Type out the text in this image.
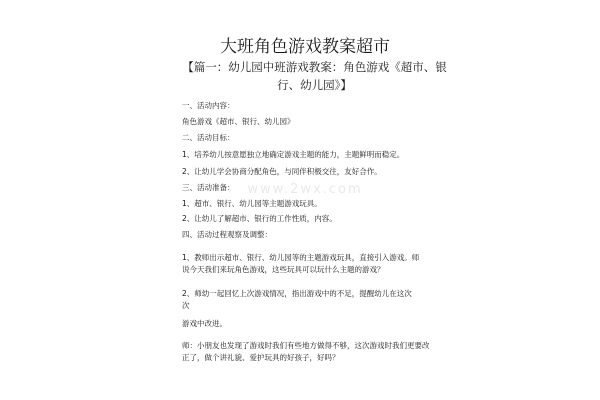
大班角色游戏教案超市
【篇一：幼儿园中班游戏教案：角色游戏《超市、银行、幼儿园》】
www.2wx.com
一、活动内容：
角色游戏《超市、银行、幼儿园》
二、活动目标：
1、培养幼儿按意愿独立地确定游戏主题的能力，主题鲜明而稳定。
2、让幼儿学会协商分配角色，与同伴积极交往，友好合作。
三、活动准备：
1、超市、银行、幼儿园等主题游戏玩具。
2、让幼儿了解超市、银行的工作性质，内容。
四、活动过程观察及调整：
1、教师出示超市、银行、幼儿园等的主题游戏玩具，直接引入游戏。师说今天我们来玩角色游戏，这些玩具可以玩什么主题的游戏？
2、师幼一起回忆上次游戏情况，指出游戏中的不足，提醒幼儿在这次
次
游戏中改进。
师：小朋友也发现了游戏时我们有些地方做得不够，这次游戏时我们更要改 正了，做个讲礼貌、爱护玩具的好孩子，好吗？
